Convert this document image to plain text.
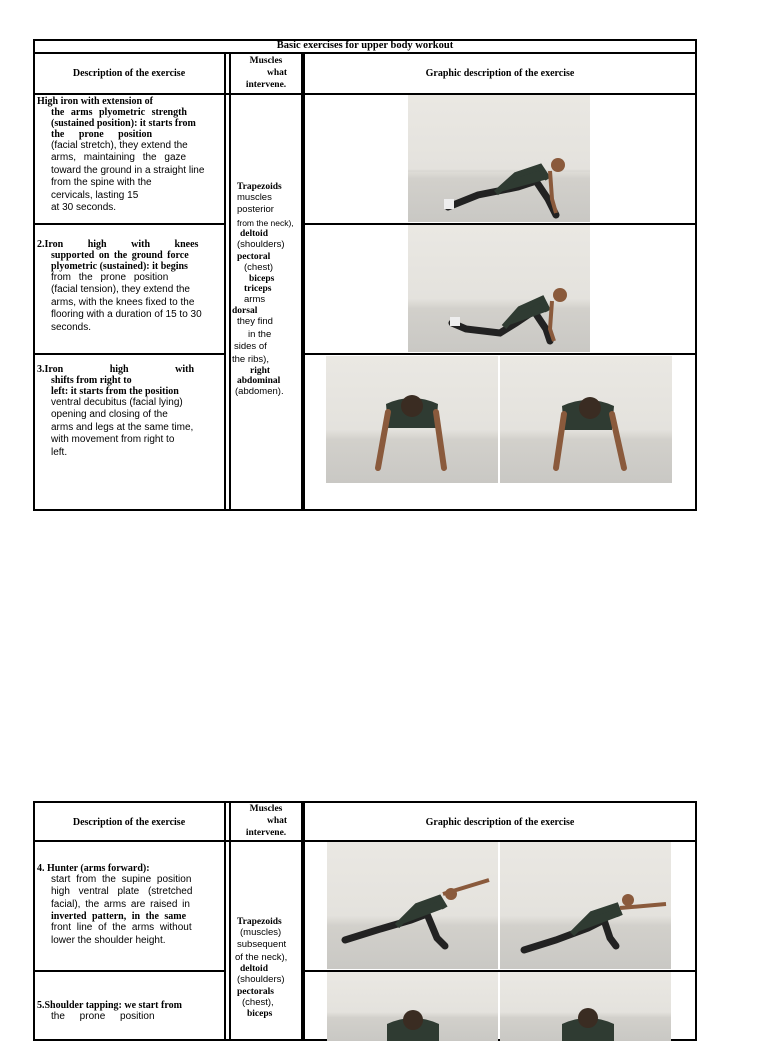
Basic exercises for upper body workout
Description of the exercise
Muscles
what
intervene.
Graphic description of the exercise
High iron with extension of
the arms plyometric strength
(sustained position): it starts from
the prone position
(facial stretch), they extend the
arms, maintaining the gaze
toward the ground in a straight line
from the spine with the
cervicals, lasting 15
at 30 seconds.
2.Iron high with knees
supported on the ground force
plyometric (sustained): it begins
from the prone position
(facial tension), they extend the
arms, with the knees fixed to the
flooring with a duration of 15 to 30
seconds.
3.Iron high with
shifts from right to
left: it starts from the position
ventral decubitus (facial lying)
opening and closing of the
arms and legs at the same time,
with movement from right to
left.
Trapezoids
muscles
posterior
from the neck),
deltoid
(shoulders)
pectoral
(chest)
biceps
triceps
arms
dorsal
they find
in the
sides of
the ribs),
right
abdominal
(abdomen).
Description of the exercise
Muscles
what
intervene.
Graphic description of the exercise
4. Hunter (arms forward):
start from the supine position
high ventral plate (stretched
facial), the arms are raised in
inverted pattern, in the same
front line of the arms without
lower the shoulder height.
5.Shoulder tapping: we start from
the prone position
Trapezoids
(muscles)
subsequent
of the neck),
deltoid
(shoulders)
pectorals
(chest),
biceps
